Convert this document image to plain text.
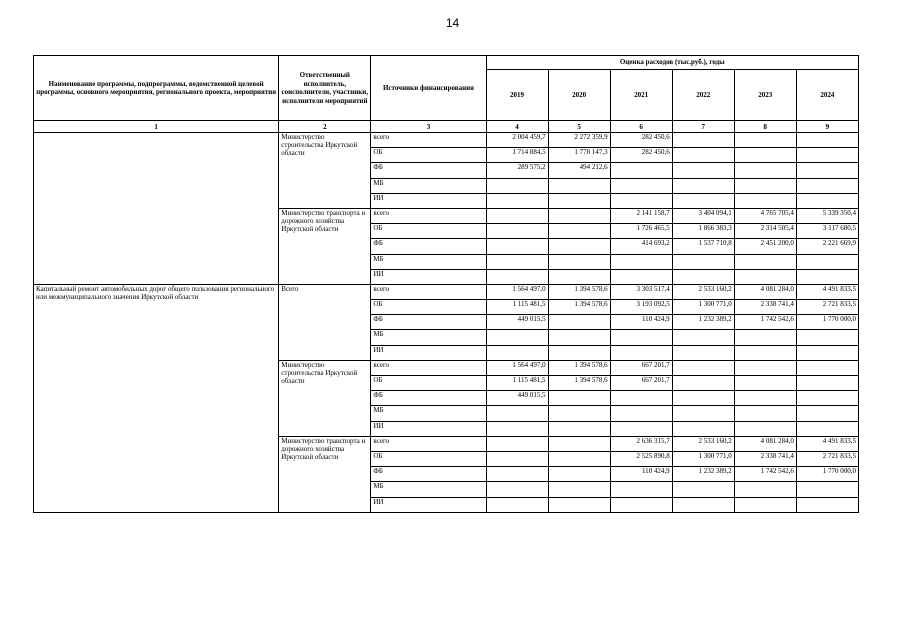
14
Наименование программы, подпрограммы, ведомственной целевой программы, основного мероприятия, регионального проекта, мероприятия	Ответственный исполнитель, соисполнители, участники, исполнители мероприятий	Источники финансирования	Оценка расходов (тыс.руб.), годы					
			2019	2020	2021	2022	2023	2024
1	2	3	4	5	6	7	8	9
	Министерство строительства Иркутской области	всего	2 004 459,7	2 272 359,9	282 450,6			
		ОБ	1 714 884,5	1 778 147,3	282 450,6			
		ФБ	289 575,2	494 212,6				
		МБ						
		ИИ						
	Министерство транспорта и дорожного хозяйства Иркутской области	всего			2 141 158,7	3 404 094,1	4 765 705,4	5 339 350,4
		ОБ			1 726 465,5	1 866 383,3	2 314 505,4	3 117 680,5
		ФБ			414 693,2	1 537 710,8	2 451 200,0	2 221 669,9
		МБ						
		ИИ						
Капитальный ремонт автомобильных дорог общего пользования регионального или межмуниципального значения Иркутской области	Всего	всего	1 564 497,0	1 394 578,6	3 303 517,4	2 533 160,2	4 081 284,0	4 491 833,5
		ОБ	1 115 481,5	1 394 578,6	3 193 092,5	1 300 771,0	2 338 741,4	2 721 833,5
		ФБ	449 015,5		110 424,9	1 232 389,2	1 742 542,6	1 770 000,0
		МБ						
		ИИ						
	Министерство строительства Иркутской области	всего	1 564 497,0	1 394 578,6	667 201,7			
		ОБ	1 115 481,5	1 394 578,6	667 201,7			
		ФБ	449 015,5					
		МБ						
		ИИ						
	Министерство транспорта и дорожного хозяйства Иркутской области	всего			2 636 315,7	2 533 160,2	4 081 284,0	4 491 833,5
		ОБ			2 525 890,8	1 300 771,0	2 338 741,4	2 721 833,5
		ФБ			110 424,9	1 232 389,2	1 742 542,6	1 770 000,0
		МБ						
		ИИ						
